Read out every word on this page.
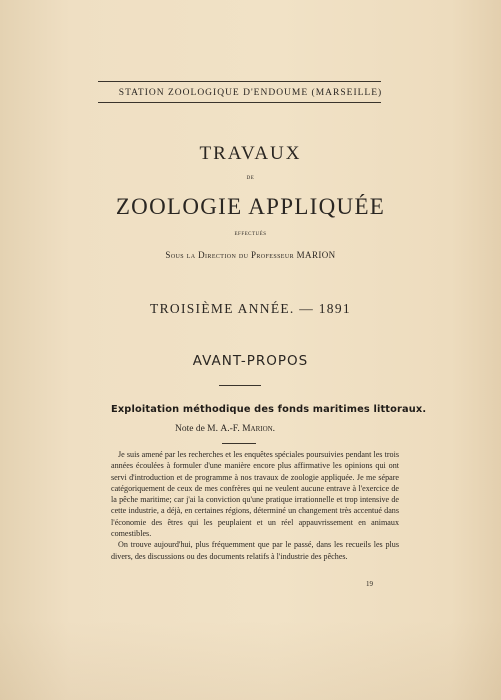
STATION ZOOLOGIQUE D'ENDOUME (MARSEILLE)
TRAVAUX
DE
ZOOLOGIE APPLIQUÉE
EFFECTUÉS
Sous la Direction du Professeur MARION
TROISIÈME ANNÉE. — 1891
AVANT-PROPOS
Exploitation méthodique des fonds maritimes littoraux.
Note de M. A.-F. Marion.

Je suis amené par les recherches et les enquêtes spéciales poursuivies pendant les trois années écoulées à formuler d'une manière encore plus affirmative les opinions qui ont servi d'introduction et de programme à nos travaux de zoologie appliquée. Je me sépare catégoriquement de ceux de mes confrères qui ne veulent aucune entrave à l'exercice de la pêche maritime; car j'ai la conviction qu'une pratique irrationnelle et trop intensive de cette industrie, a déjà, en certaines régions, déterminé un changement très accentué dans l'économie des êtres qui les peuplaient et un réel appauvrissement en animaux comestibles.

On trouve aujourd'hui, plus fréquemment que par le passé, dans les recueils les plus divers, des discussions ou des documents relatifs à l'industrie des pêches.

19
